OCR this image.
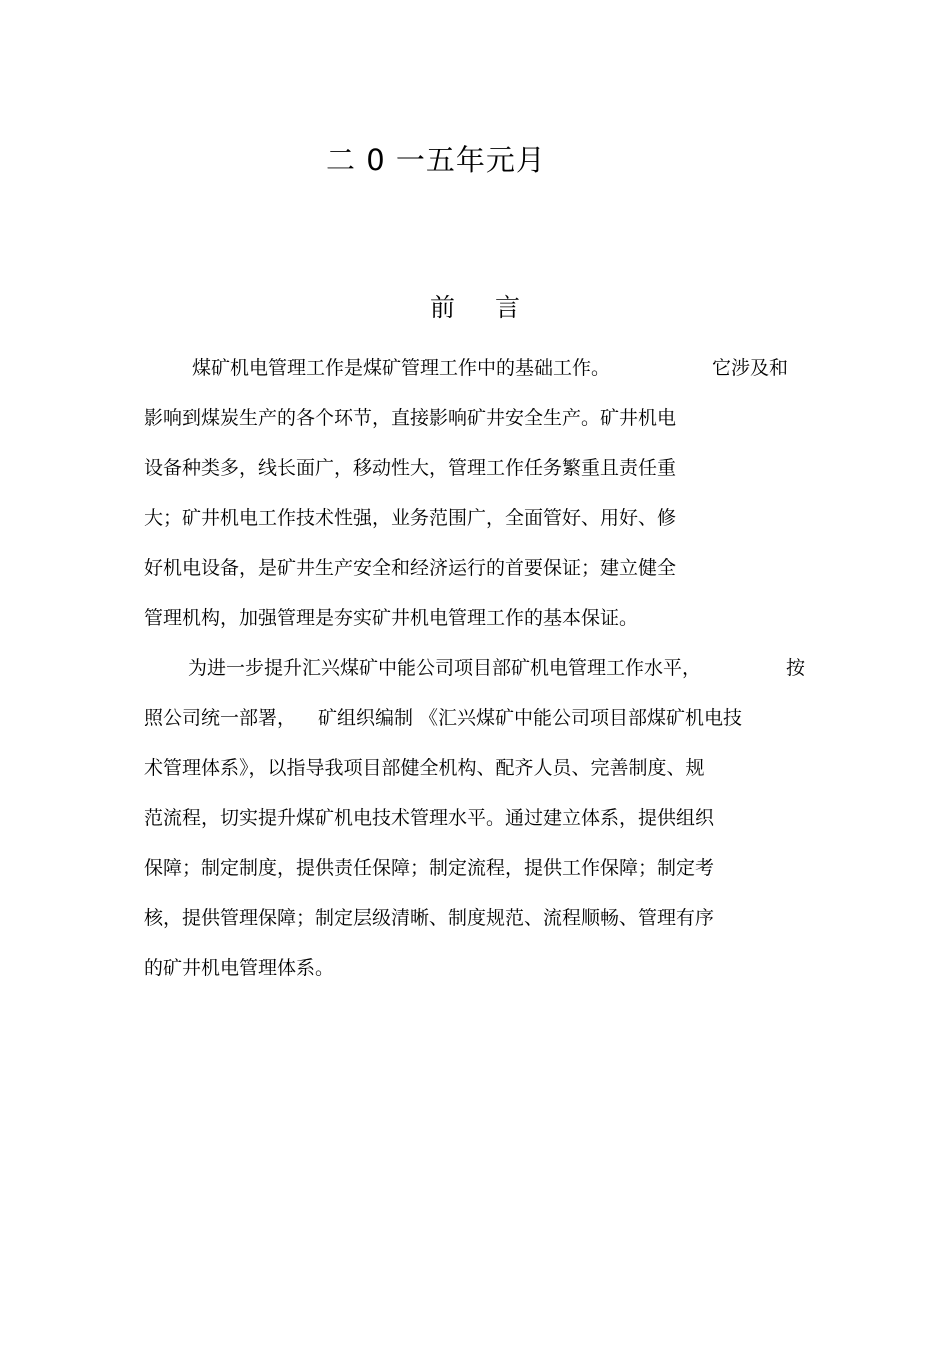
二 0 一五年元月
前 言
煤矿机电管理工作是煤矿管理工作中的基础工作。	它涉及和
影响到煤炭生产的各个环节，直接影响矿井安全生产。矿井机电
设备种类多，线长面广，移动性大，管理工作任务繁重且责任重
大；矿井机电工作技术性强，业务范围广，全面管好、用好、修
好机电设备，是矿井生产安全和经济运行的首要保证；建立健全
管理机构，加强管理是夯实矿井机电管理工作的基本保证。
为进一步提升汇兴煤矿中能公司项目部矿机电管理工作水平，	按
照公司统一部署， 矿组织编制 《汇兴煤矿中能公司项目部煤矿机电技
术管理体系》，以指导我项目部健全机构、配齐人员、完善制度、规
范流程，切实提升煤矿机电技术管理水平。通过建立体系，提供组织
保障；制定制度，提供责任保障；制定流程，提供工作保障；制定考
核，提供管理保障；制定层级清晰、制度规范、流程顺畅、管理有序
的矿井机电管理体系。
